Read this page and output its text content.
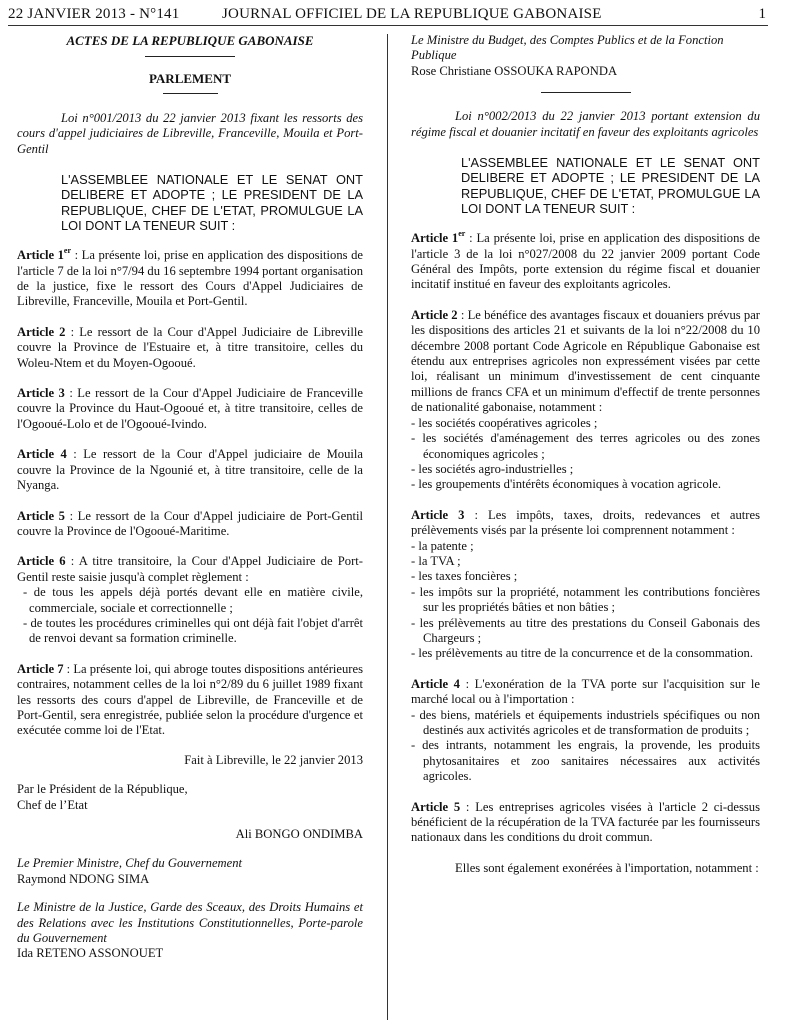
22 JANVIER 2013 - N°141	JOURNAL OFFICIEL DE LA REPUBLIQUE GABONAISE	1
ACTES DE LA REPUBLIQUE GABONAISE
PARLEMENT

Loi n°001/2013 du 22 janvier 2013 fixant les ressorts des cours d'appel judiciaires de Libreville, Franceville, Mouila et Port-Gentil

L'ASSEMBLEE NATIONALE ET LE SENAT ONT DELIBERE ET ADOPTE ; LE PRESIDENT DE LA REPUBLIQUE, CHEF DE L'ETAT, PROMULGUE LA LOI DONT LA TENEUR SUIT :

Article 1er : La présente loi, prise en application des dispositions de l'article 7 de la loi n°7/94 du 16 septembre 1994 portant organisation de la justice, fixe le ressort des Cours d'Appel Judiciaires de Libreville, Franceville, Mouila et Port-Gentil.

Article 2 : Le ressort de la Cour d'Appel Judiciaire de Libreville couvre la Province de l'Estuaire et, à titre transitoire, celles du Woleu-Ntem et du Moyen-Ogooué.

Article 3 : Le ressort de la Cour d'Appel Judiciaire de Franceville couvre la Province du Haut-Ogooué et, à titre transitoire, celles de l'Ogooué-Lolo et de l'Ogooué-Ivindo.

Article 4 : Le ressort de la Cour d'Appel judiciaire de Mouila couvre la Province de la Ngounié et, à titre transitoire, celle de la Nyanga.

Article 5 : Le ressort de la Cour d'Appel judiciaire de Port-Gentil couvre la Province de l'Ogooué-Maritime.

Article 6 : A titre transitoire, la Cour d'Appel Judiciaire de Port-Gentil reste saisie jusqu'à complet règlement :

- de tous les appels déjà portés devant elle en matière civile, commerciale, sociale et correctionnelle ;

- de toutes les procédures criminelles qui ont déjà fait l'objet d'arrêt de renvoi devant sa formation criminelle.

Article 7 : La présente loi, qui abroge toutes dispositions antérieures contraires, notamment celles de la loi n°2/89 du 6 juillet 1989 fixant les ressorts des cours d'appel de Libreville, de Franceville et de Port-Gentil, sera enregistrée, publiée selon la procédure d'urgence et exécutée comme loi de l'Etat.

Fait à Libreville, le 22 janvier 2013

Par le Président de la République,

Chef de l’Etat

Ali BONGO ONDIMBA

Le Premier Ministre, Chef du Gouvernement

Raymond NDONG SIMA

Le Ministre de la Justice, Garde des Sceaux, des Droits Humains et des Relations avec les Institutions Constitutionnelles, Porte-parole du Gouvernement

Ida RETENO ASSONOUET

Le Ministre du Budget, des Comptes Publics et de la Fonction Publique

Rose Christiane OSSOUKA RAPONDA

Loi n°002/2013 du 22 janvier 2013 portant extension du régime fiscal et douanier incitatif en faveur des exploitants agricoles

L'ASSEMBLEE NATIONALE ET LE SENAT ONT DELIBERE ET ADOPTE ; LE PRESIDENT DE LA REPUBLIQUE, CHEF DE L'ETAT, PROMULGUE LA LOI DONT LA TENEUR SUIT :

Article 1er : La présente loi, prise en application des dispositions de l'article 3 de la loi n°027/2008 du 22 janvier 2009 portant Code Général des Impôts, porte extension du régime fiscal et douanier incitatif institué en faveur des exploitants agricoles.

Article 2 : Le bénéfice des avantages fiscaux et douaniers prévus par les dispositions des articles 21 et suivants de la loi n°22/2008 du 10 décembre 2008 portant Code Agricole en République Gabonaise est étendu aux entreprises agricoles non expressément visées par cette loi, réalisant un minimum d'investissement de cent cinquante millions de francs CFA et un minimum d'effectif de trente personnes de nationalité gabonaise, notamment :

- les sociétés coopératives agricoles ;

- les sociétés d'aménagement des terres agricoles ou des zones économiques agricoles ;

- les sociétés agro-industrielles ;

- les groupements d'intérêts économiques à vocation agricole.

Article 3 : Les impôts, taxes, droits, redevances et autres prélèvements visés par la présente loi comprennent notamment :

- la patente ;

- la TVA ;

- les taxes foncières ;

- les impôts sur la propriété, notamment les contributions foncières sur les propriétés bâties et non bâties ;

- les prélèvements au titre des prestations du Conseil Gabonais des Chargeurs ;

- les prélèvements au titre de la concurrence et de la consommation.

Article 4 : L'exonération de la TVA porte sur l'acquisition sur le marché local ou à l'importation :

- des biens, matériels et équipements industriels spécifiques ou non destinés aux activités agricoles et de transformation de produits ;

- des intrants, notamment les engrais, la provende, les produits phytosanitaires et zoo sanitaires nécessaires aux activités agricoles.

Article 5 : Les entreprises agricoles visées à l'article 2 ci-dessus bénéficient de la récupération de la TVA facturée par les fournisseurs nationaux dans les conditions du droit commun.

Elles sont également exonérées à l'importation, notamment :
